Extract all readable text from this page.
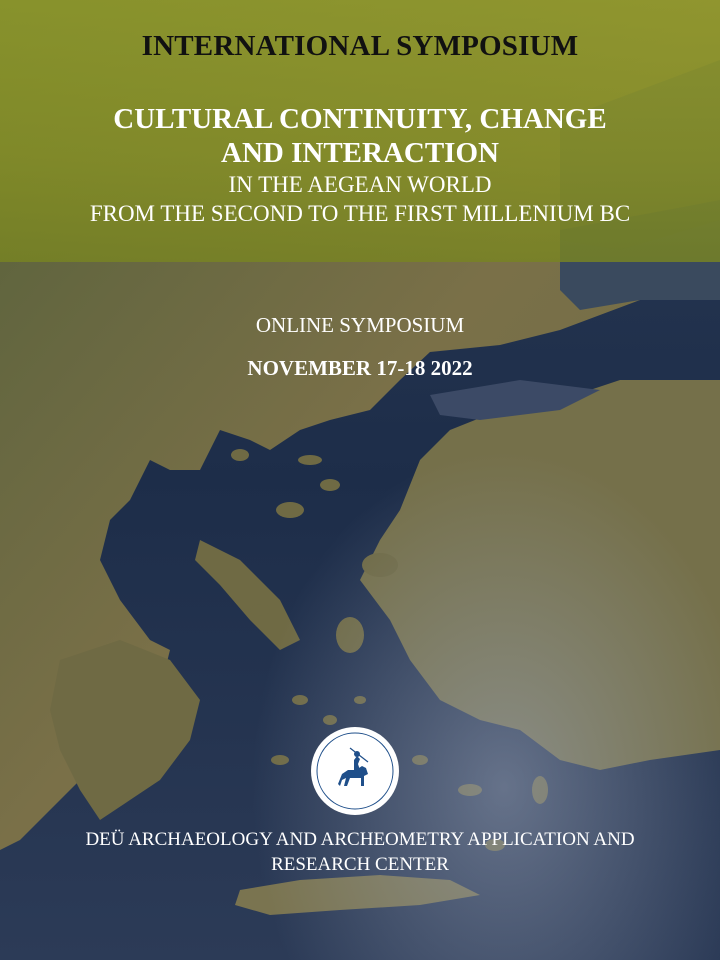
INTERNATIONAL SYMPOSIUM
CULTURAL CONTINUITY, CHANGE
AND INTERACTION
IN THE AEGEAN WORLD
FROM THE SECOND TO THE FIRST MILLENIUM BC
ONLINE SYMPOSIUM
NOVEMBER 17-18 2022
DEÜ ARCHAEOLOGY AND ARCHEOMETRY APPLICATION AND
RESEARCH CENTER
